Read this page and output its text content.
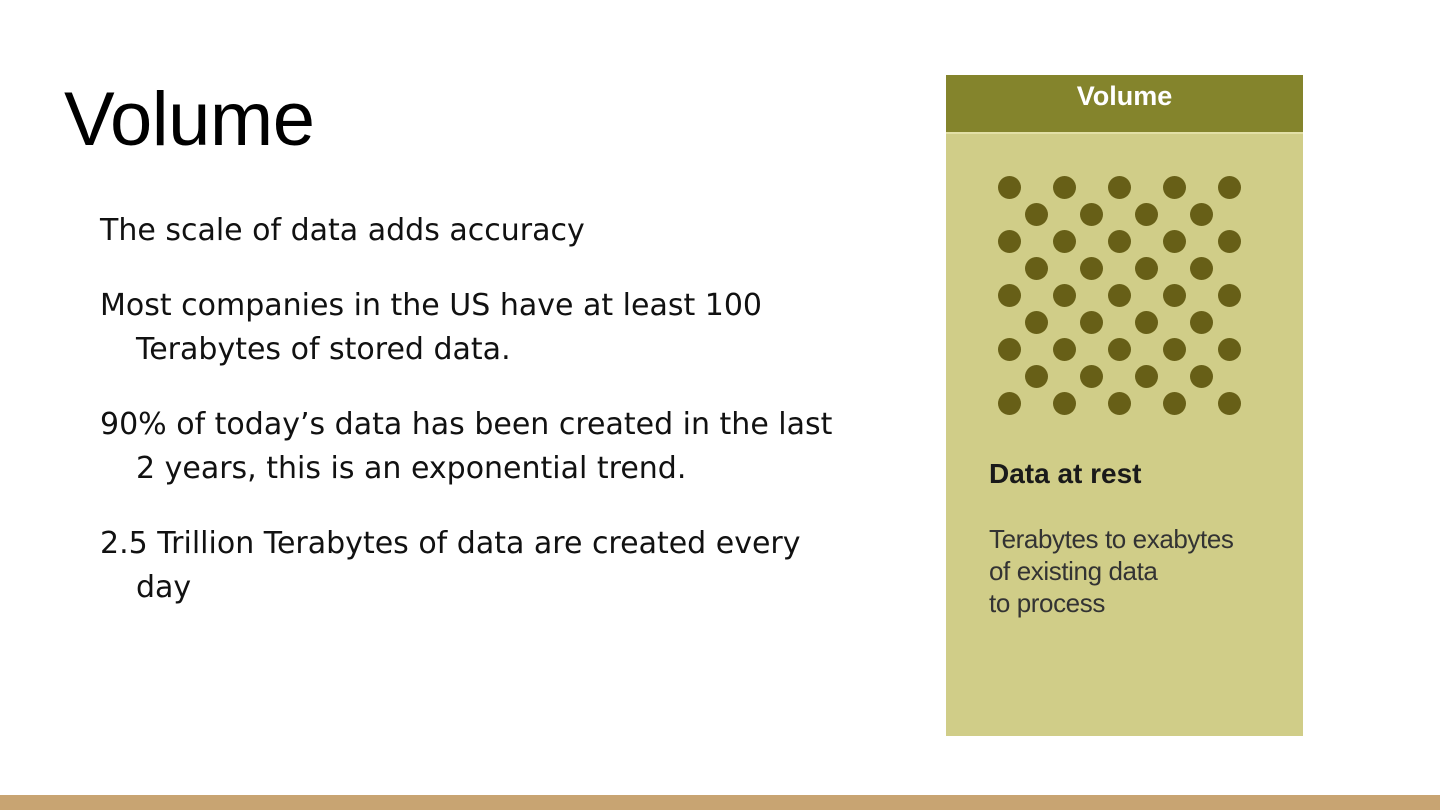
Volume
The scale of data adds accuracy
Most companies in the US have at least 100 Terabytes of stored data.
90% of today’s data has been created in the last 2 years, this is an exponential trend.
2.5 Trillion Terabytes of data are created every day
Volume
Data at rest

Terabytes to exabytes
of existing data
to process
